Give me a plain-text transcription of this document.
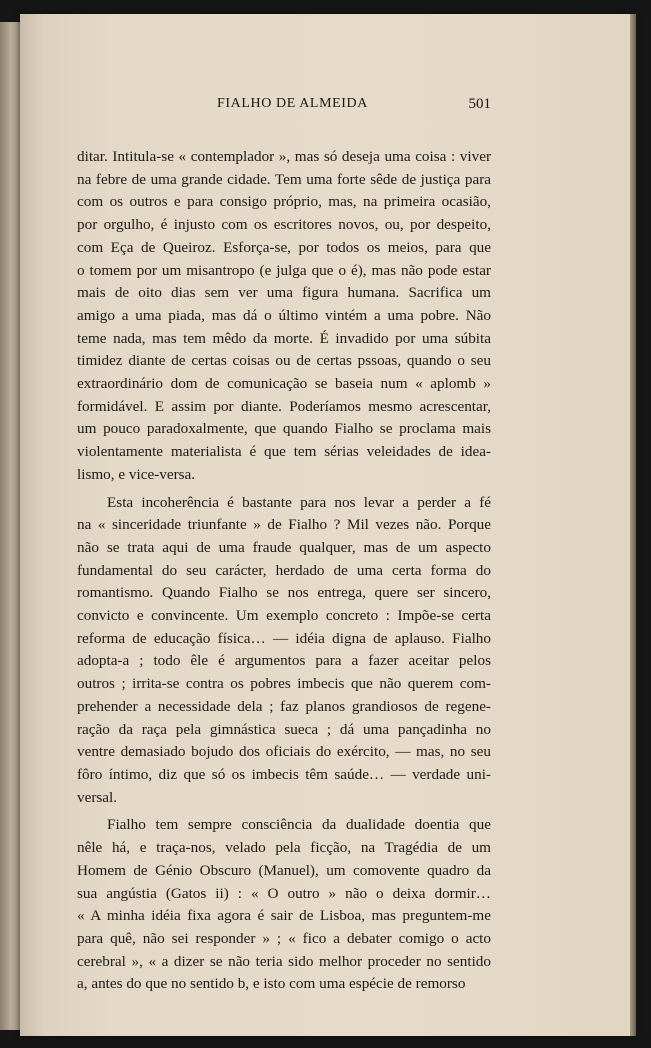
FIALHO DE ALMEIDA	501

ditar. Intitula-se « contemplador », mas só deseja uma coisa : viver
na febre de uma grande cidade. Tem uma forte sêde de justiça para
com os outros e para consigo próprio, mas, na primeira ocasião,
por orgulho, é injusto com os escritores novos, ou, por despeito,
com Eça de Queiroz. Esforça-se, por todos os meios, para que
o tomem por um misantropo (e julga que o é), mas não pode estar
mais de oito dias sem ver uma figura humana. Sacrifica um
amigo a uma piada, mas dá o último vintém a uma pobre. Não
teme nada, mas tem mêdo da morte. É invadido por uma súbita
timidez diante de certas coisas ou de certas pssoas, quando o seu
extraordinário dom de comunicação se baseia num « aplomb »
formidável. E assim por diante. Poderíamos mesmo acrescentar,
um pouco paradoxalmente, que quando Fialho se proclama mais
violentamente materialista é que tem sérias veleidades de idea-
lismo, e vice-versa.

Esta incoherência é bastante para nos levar a perder a fé
na « sinceridade triunfante » de Fialho ? Mil vezes não. Porque
não se trata aqui de uma fraude qualquer, mas de um aspecto
fundamental do seu carácter, herdado de uma certa forma do
romantismo. Quando Fialho se nos entrega, quere ser sincero,
convicto e convincente. Um exemplo concreto : Impõe-se certa
reforma de educação física… — idéia digna de aplauso. Fialho
adopta-a ; todo êle é argumentos para a fazer aceitar pelos
outros ; irrita-se contra os pobres imbecis que não querem com-
prehender a necessidade dela ; faz planos grandiosos de regene-
ração da raça pela gimnástica sueca ; dá uma pançadinha no
ventre demasiado bojudo dos oficiais do exército, — mas, no seu
fôro íntimo, diz que só os imbecis têm saúde… — verdade uni-
versal.

Fialho tem sempre consciência da dualidade doentia que
nêle há, e traça-nos, velado pela ficção, na Tragédia de um
Homem de Génio Obscuro (Manuel), um comovente quadro da
sua angústia (Gatos ii) : « O outro » não o deixa dormir…
« A minha idéia fixa agora é sair de Lisboa, mas preguntem-me
para quê, não sei responder » ; « fico a debater comigo o acto
cerebral », « a dizer se não teria sido melhor proceder no sentido
a, antes do que no sentido b, e isto com uma espécie de remorso
